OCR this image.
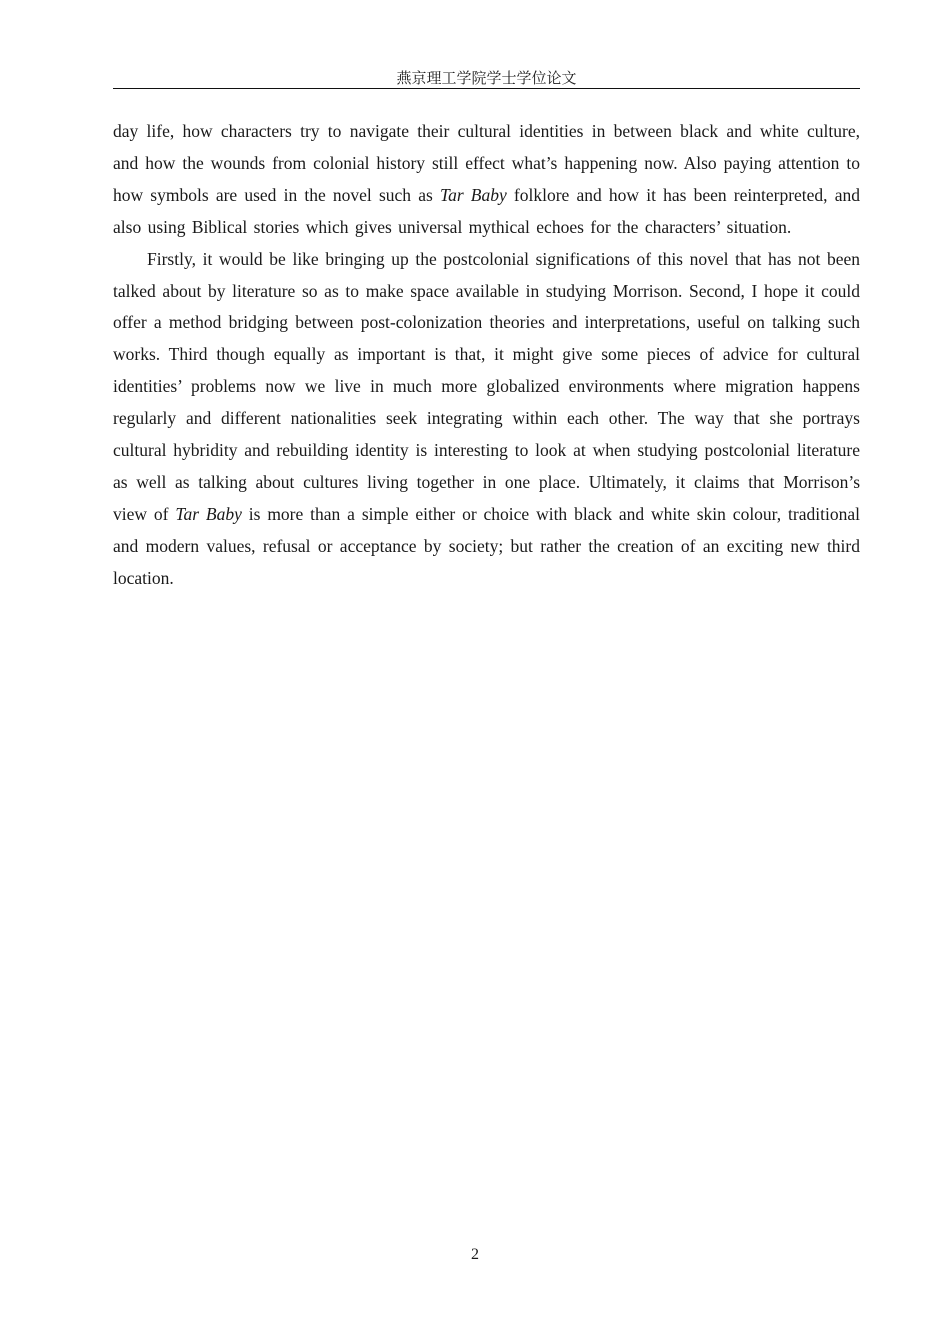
燕京理工学院学士学位论文

day life, how characters try to navigate their cultural identities in between black and white culture, and how the wounds from colonial history still effect what’s happening now. Also paying attention to how symbols are used in the novel such as Tar Baby folklore and how it has been reinterpreted, and also using Biblical stories which gives universal mythical echoes for the characters’ situation.

Firstly, it would be like bringing up the postcolonial significations of this novel that has not been talked about by literature so as to make space available in studying Morrison. Second, I hope it could offer a method bridging between post-colonization theories and interpretations, useful on talking such works. Third though equally as important is that, it might give some pieces of advice for cultural identities’ problems now we live in much more globalized environments where migration happens regularly and different nationalities seek integrating within each other. The way that she portrays cultural hybridity and rebuilding identity is interesting to look at when studying postcolonial literature as well as talking about cultures living together in one place. Ultimately, it claims that Morrison’s view of Tar Baby is more than a simple either or choice with black and white skin colour, traditional and modern values, refusal or acceptance by society; but rather the creation of an exciting new third location.

2
